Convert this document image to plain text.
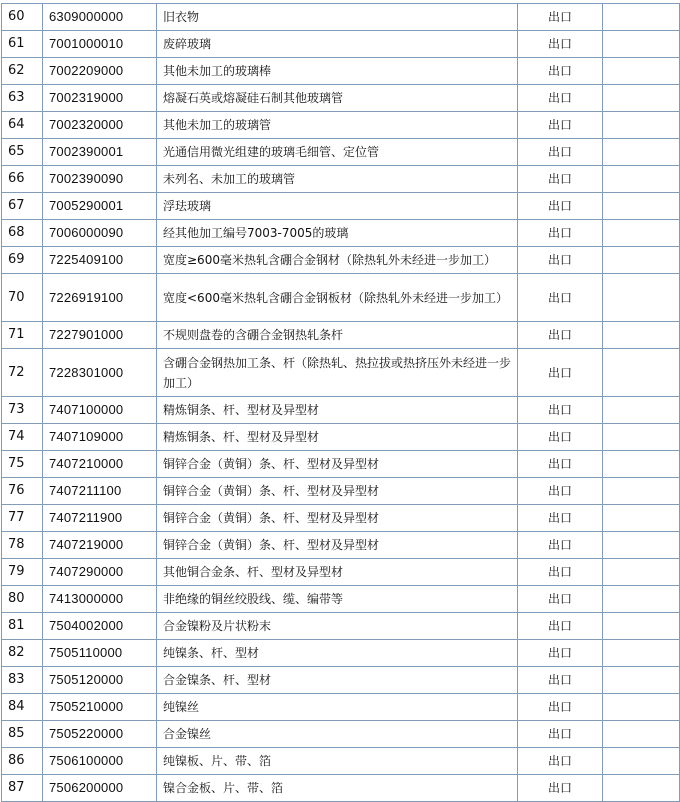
60	6309000000	旧衣物	出口	
61	7001000010	废碎玻璃	出口	
62	7002209000	其他未加工的玻璃棒	出口	
63	7002319000	熔凝石英或熔凝硅石制其他玻璃管	出口	
64	7002320000	其他未加工的玻璃管	出口	
65	7002390001	光通信用微光组建的玻璃毛细管、定位管	出口	
66	7002390090	未列名、未加工的玻璃管	出口	
67	7005290001	浮珐玻璃	出口	
68	7006000090	经其他加工编号7003-7005的玻璃	出口	
69	7225409100	宽度≥600毫米热轧含硼合金钢材（除热轧外未经进一步加工）	出口	
70	7226919100	宽度<600毫米热轧含硼合金钢板材（除热轧外未经进一步加工）	出口	
71	7227901000	不规则盘卷的含硼合金钢热轧条杆	出口	
72	7228301000	含硼合金钢热加工条、杆（除热轧、热拉拔或热挤压外未经进一步加工）	出口	
73	7407100000	精炼铜条、杆、型材及异型材	出口	
74	7407109000	精炼铜条、杆、型材及异型材	出口	
75	7407210000	铜锌合金（黄铜）条、杆、型材及异型材	出口	
76	7407211100	铜锌合金（黄铜）条、杆、型材及异型材	出口	
77	7407211900	铜锌合金（黄铜）条、杆、型材及异型材	出口	
78	7407219000	铜锌合金（黄铜）条、杆、型材及异型材	出口	
79	7407290000	其他铜合金条、杆、型材及异型材	出口	
80	7413000000	非绝缘的铜丝绞股线、缆、编带等	出口	
81	7504002000	合金镍粉及片状粉末	出口	
82	7505110000	纯镍条、杆、型材	出口	
83	7505120000	合金镍条、杆、型材	出口	
84	7505210000	纯镍丝	出口	
85	7505220000	合金镍丝	出口	
86	7506100000	纯镍板、片、带、箔	出口	
87	7506200000	镍合金板、片、带、箔	出口	
